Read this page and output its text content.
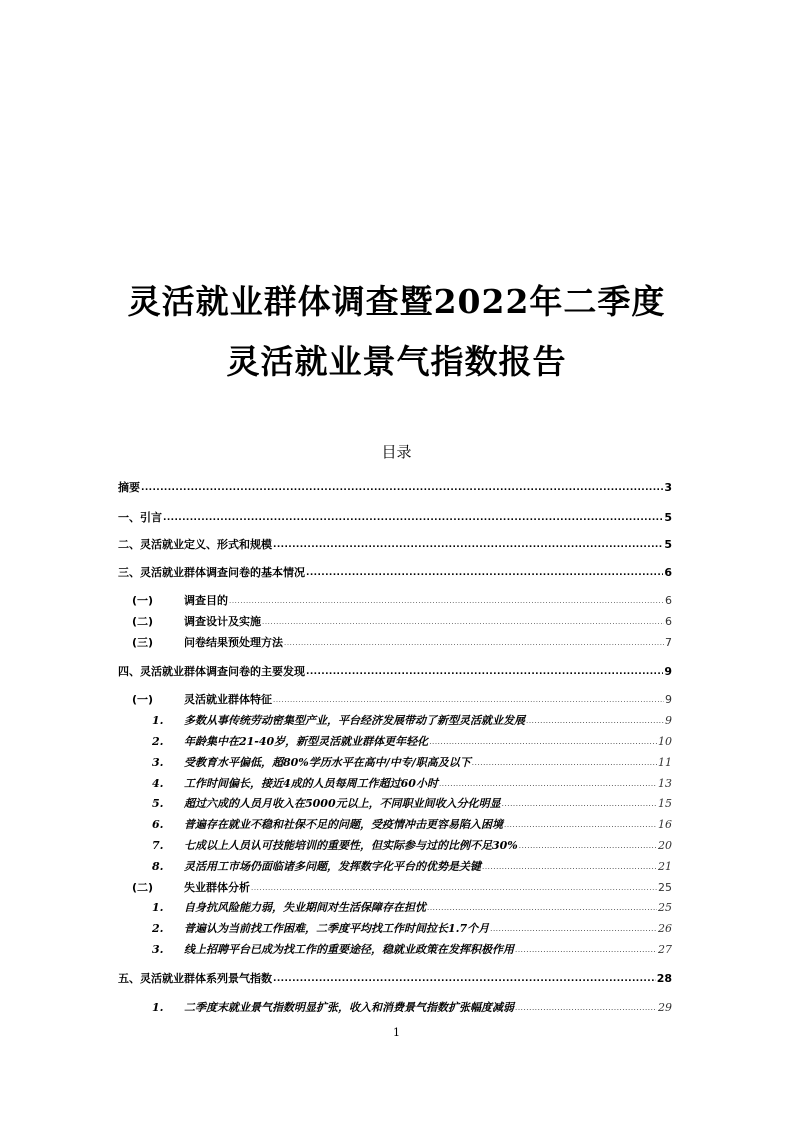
灵活就业群体调查暨2022年二季度
灵活就业景气指数报告
目录
摘要 .....	3
一、引言 .....	5
二、灵活就业定义、形式和规模 .....	5
三、灵活就业群体调查问卷的基本情况 .....	6
(一)	调查目的 .....	6
(二)	调查设计及实施 .....	6
(三)	问卷结果预处理方法 .....	7
四、灵活就业群体调查问卷的主要发现 .....	9
(一)	灵活就业群体特征 .....	9
1.	多数从事传统劳动密集型产业，平台经济发展带动了新型灵活就业发展 .....	9
2.	年龄集中在21-40岁，新型灵活就业群体更年轻化 .....	10
3.	受教育水平偏低，超80%学历水平在高中/中专/职高及以下 .....	11
4.	工作时间偏长，接近4成的人员每周工作超过60小时 .....	13
5.	超过六成的人员月收入在5000元以上，不同职业间收入分化明显 .....	15
6.	普遍存在就业不稳和社保不足的问题，受疫情冲击更容易陷入困境 .....	16
7.	七成以上人员认可技能培训的重要性，但实际参与过的比例不足30% .....	20
8.	灵活用工市场仍面临诸多问题，发挥数字化平台的优势是关键 .....	21
(二)	失业群体分析 .....	25
1.	自身抗风险能力弱，失业期间对生活保障存在担忧 .....	25
2.	普遍认为当前找工作困难，二季度平均找工作时间拉长1.7个月 .....	26
3.	线上招聘平台已成为找工作的重要途径，稳就业政策在发挥积极作用 .....	27
五、灵活就业群体系列景气指数 .....	28
1.	二季度末就业景气指数明显扩张，收入和消费景气指数扩张幅度减弱 .....	29
1
